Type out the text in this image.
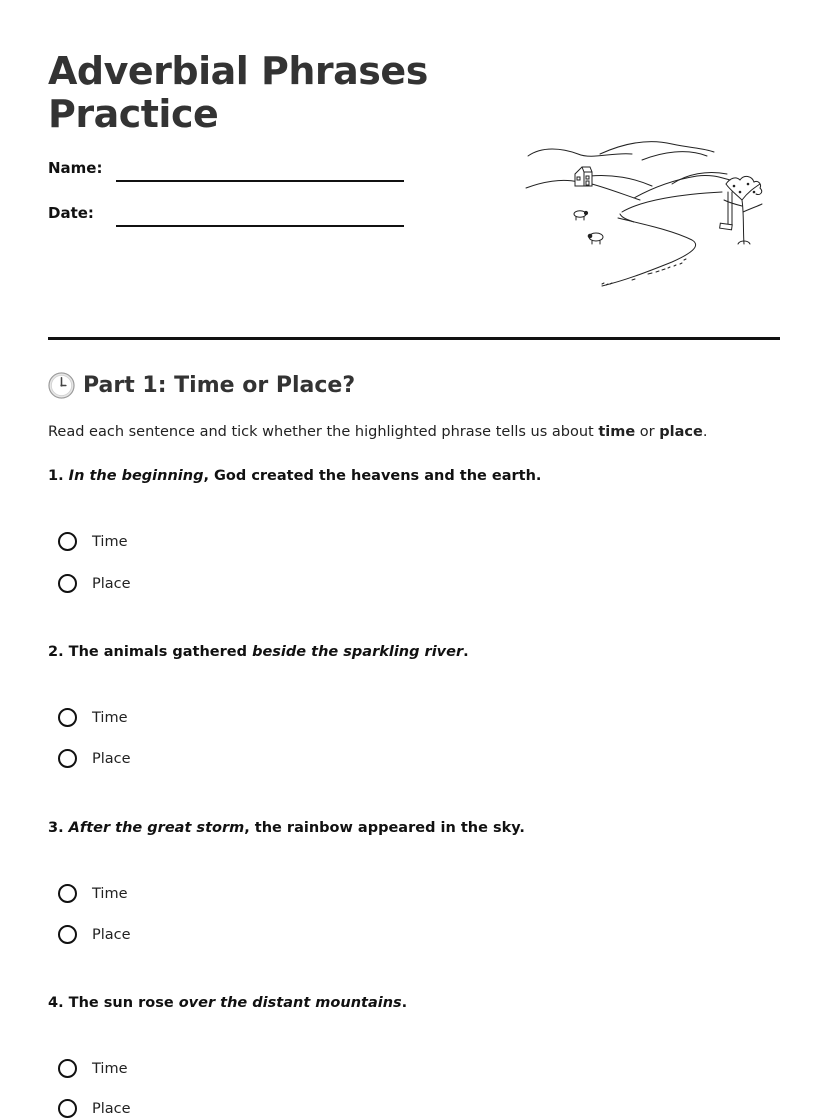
Adverbial Phrases Practice
Name:
Date:
Part 1: Time or Place?
Read each sentence and tick whether the highlighted phrase tells us about time or place.
1. In the beginning, God created the heavens and the earth.
Time
Place
2. The animals gathered beside the sparkling river.
Time
Place
3. After the great storm, the rainbow appeared in the sky.
Time
Place
4. The sun rose over the distant mountains.
Time
Place
